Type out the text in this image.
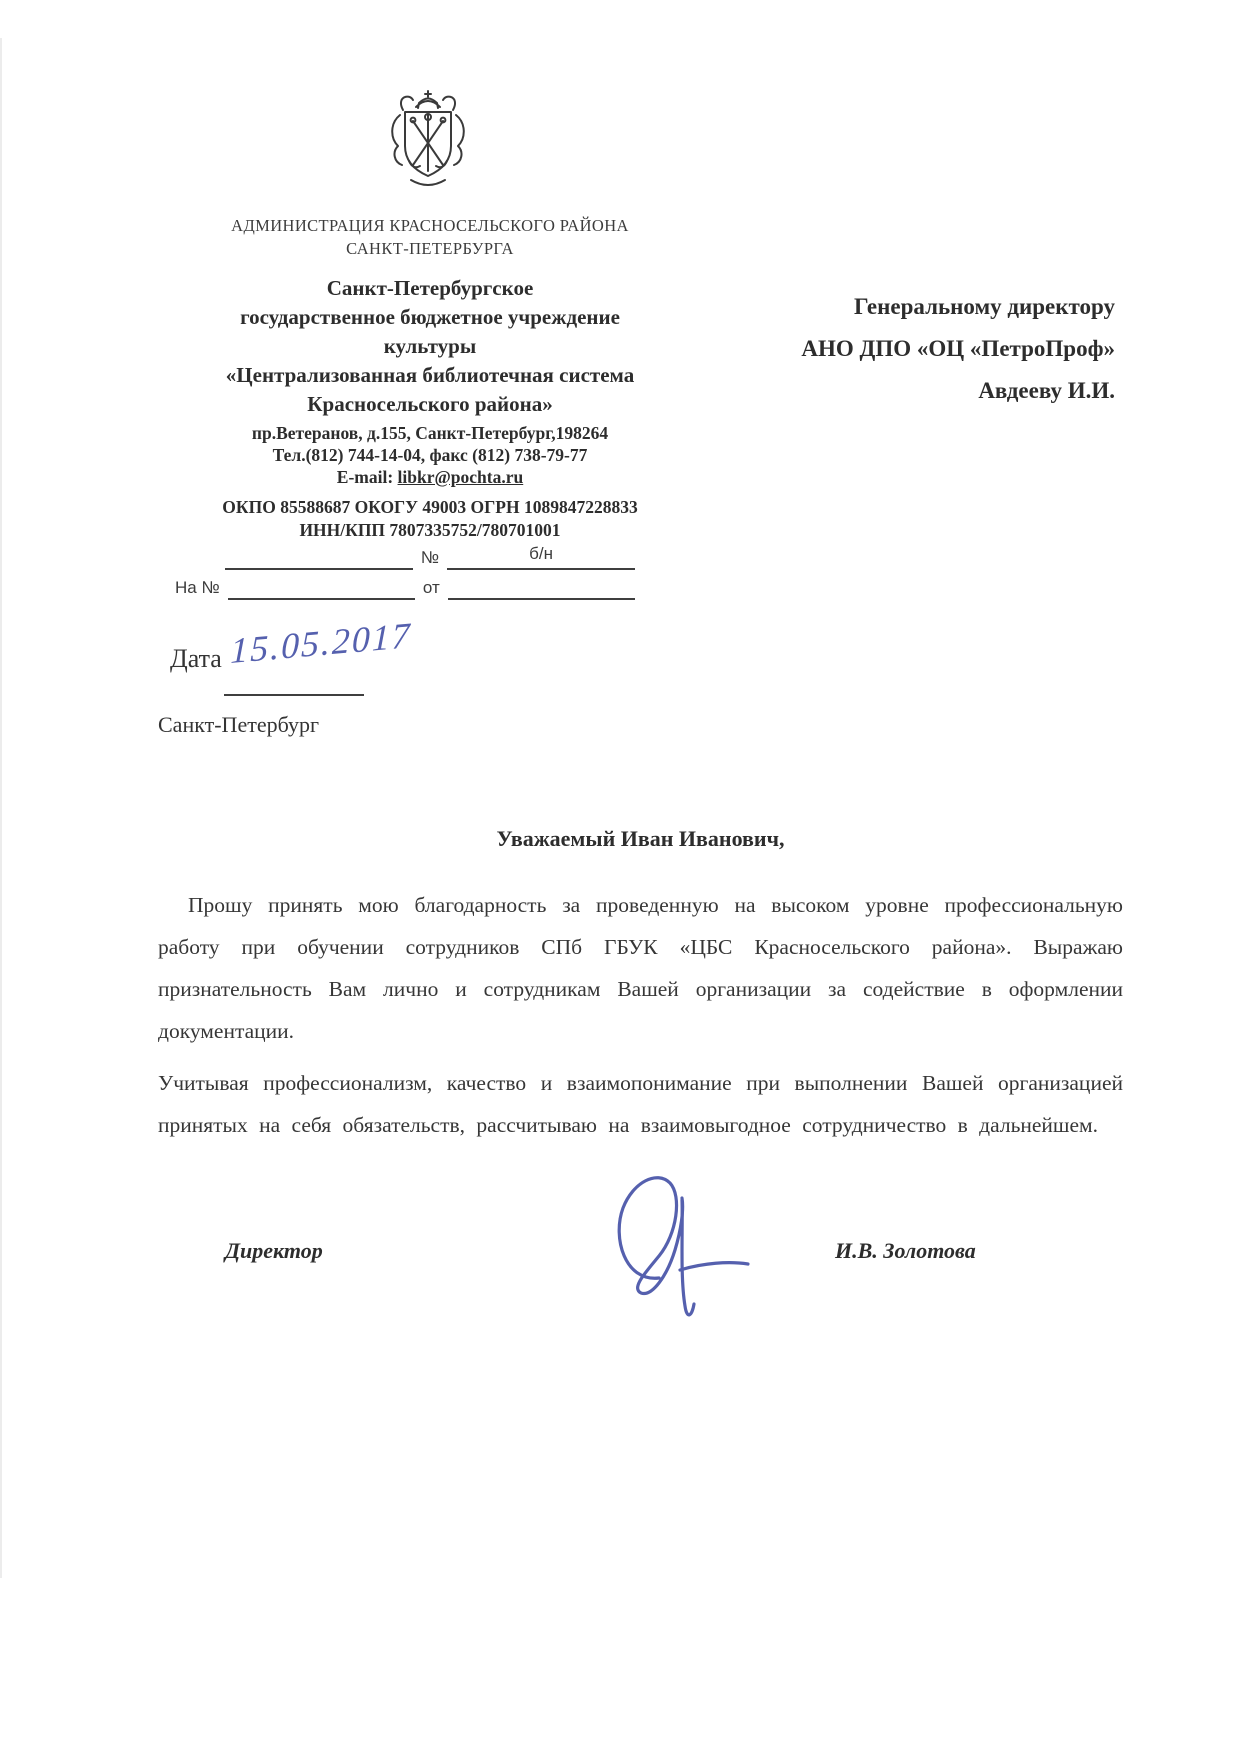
АДМИНИСТРАЦИЯ КРАСНОСЕЛЬСКОГО РАЙОНА
САНКТ-ПЕТЕРБУРГА
Санкт-Петербургское
государственное бюджетное учреждение
культуры
«Централизованная библиотечная система
Красносельского района»
пр.Ветеранов, д.155, Санкт-Петербург,198264
Тел.(812) 744-14-04, факс (812) 738-79-77
E-mail: libkr@pochta.ru
ОКПО 85588687 ОКОГУ 49003 ОГРН 1089847228833
ИНН/КПП 7807335752/780701001
№	б/н
На №	от
Дата 15.05.2017
Санкт-Петербург
Генеральному директору
АНО ДПО «ОЦ «ПетроПроф»
Авдееву И.И.
Уважаемый Иван Иванович,
Прошу принять мою благодарность за проведенную на высоком уровне профессиональную работу при обучении сотрудников СПб ГБУК «ЦБС Красносельского района». Выражаю признательность Вам лично и сотрудникам Вашей организации за содействие в оформлении документации.
Учитывая профессионализм, качество и взаимопонимание при выполнении Вашей организацией принятых на себя обязательств, рассчитываю на взаимовыгодное сотрудничество в дальнейшем.
Директор	И.В. Золотова
